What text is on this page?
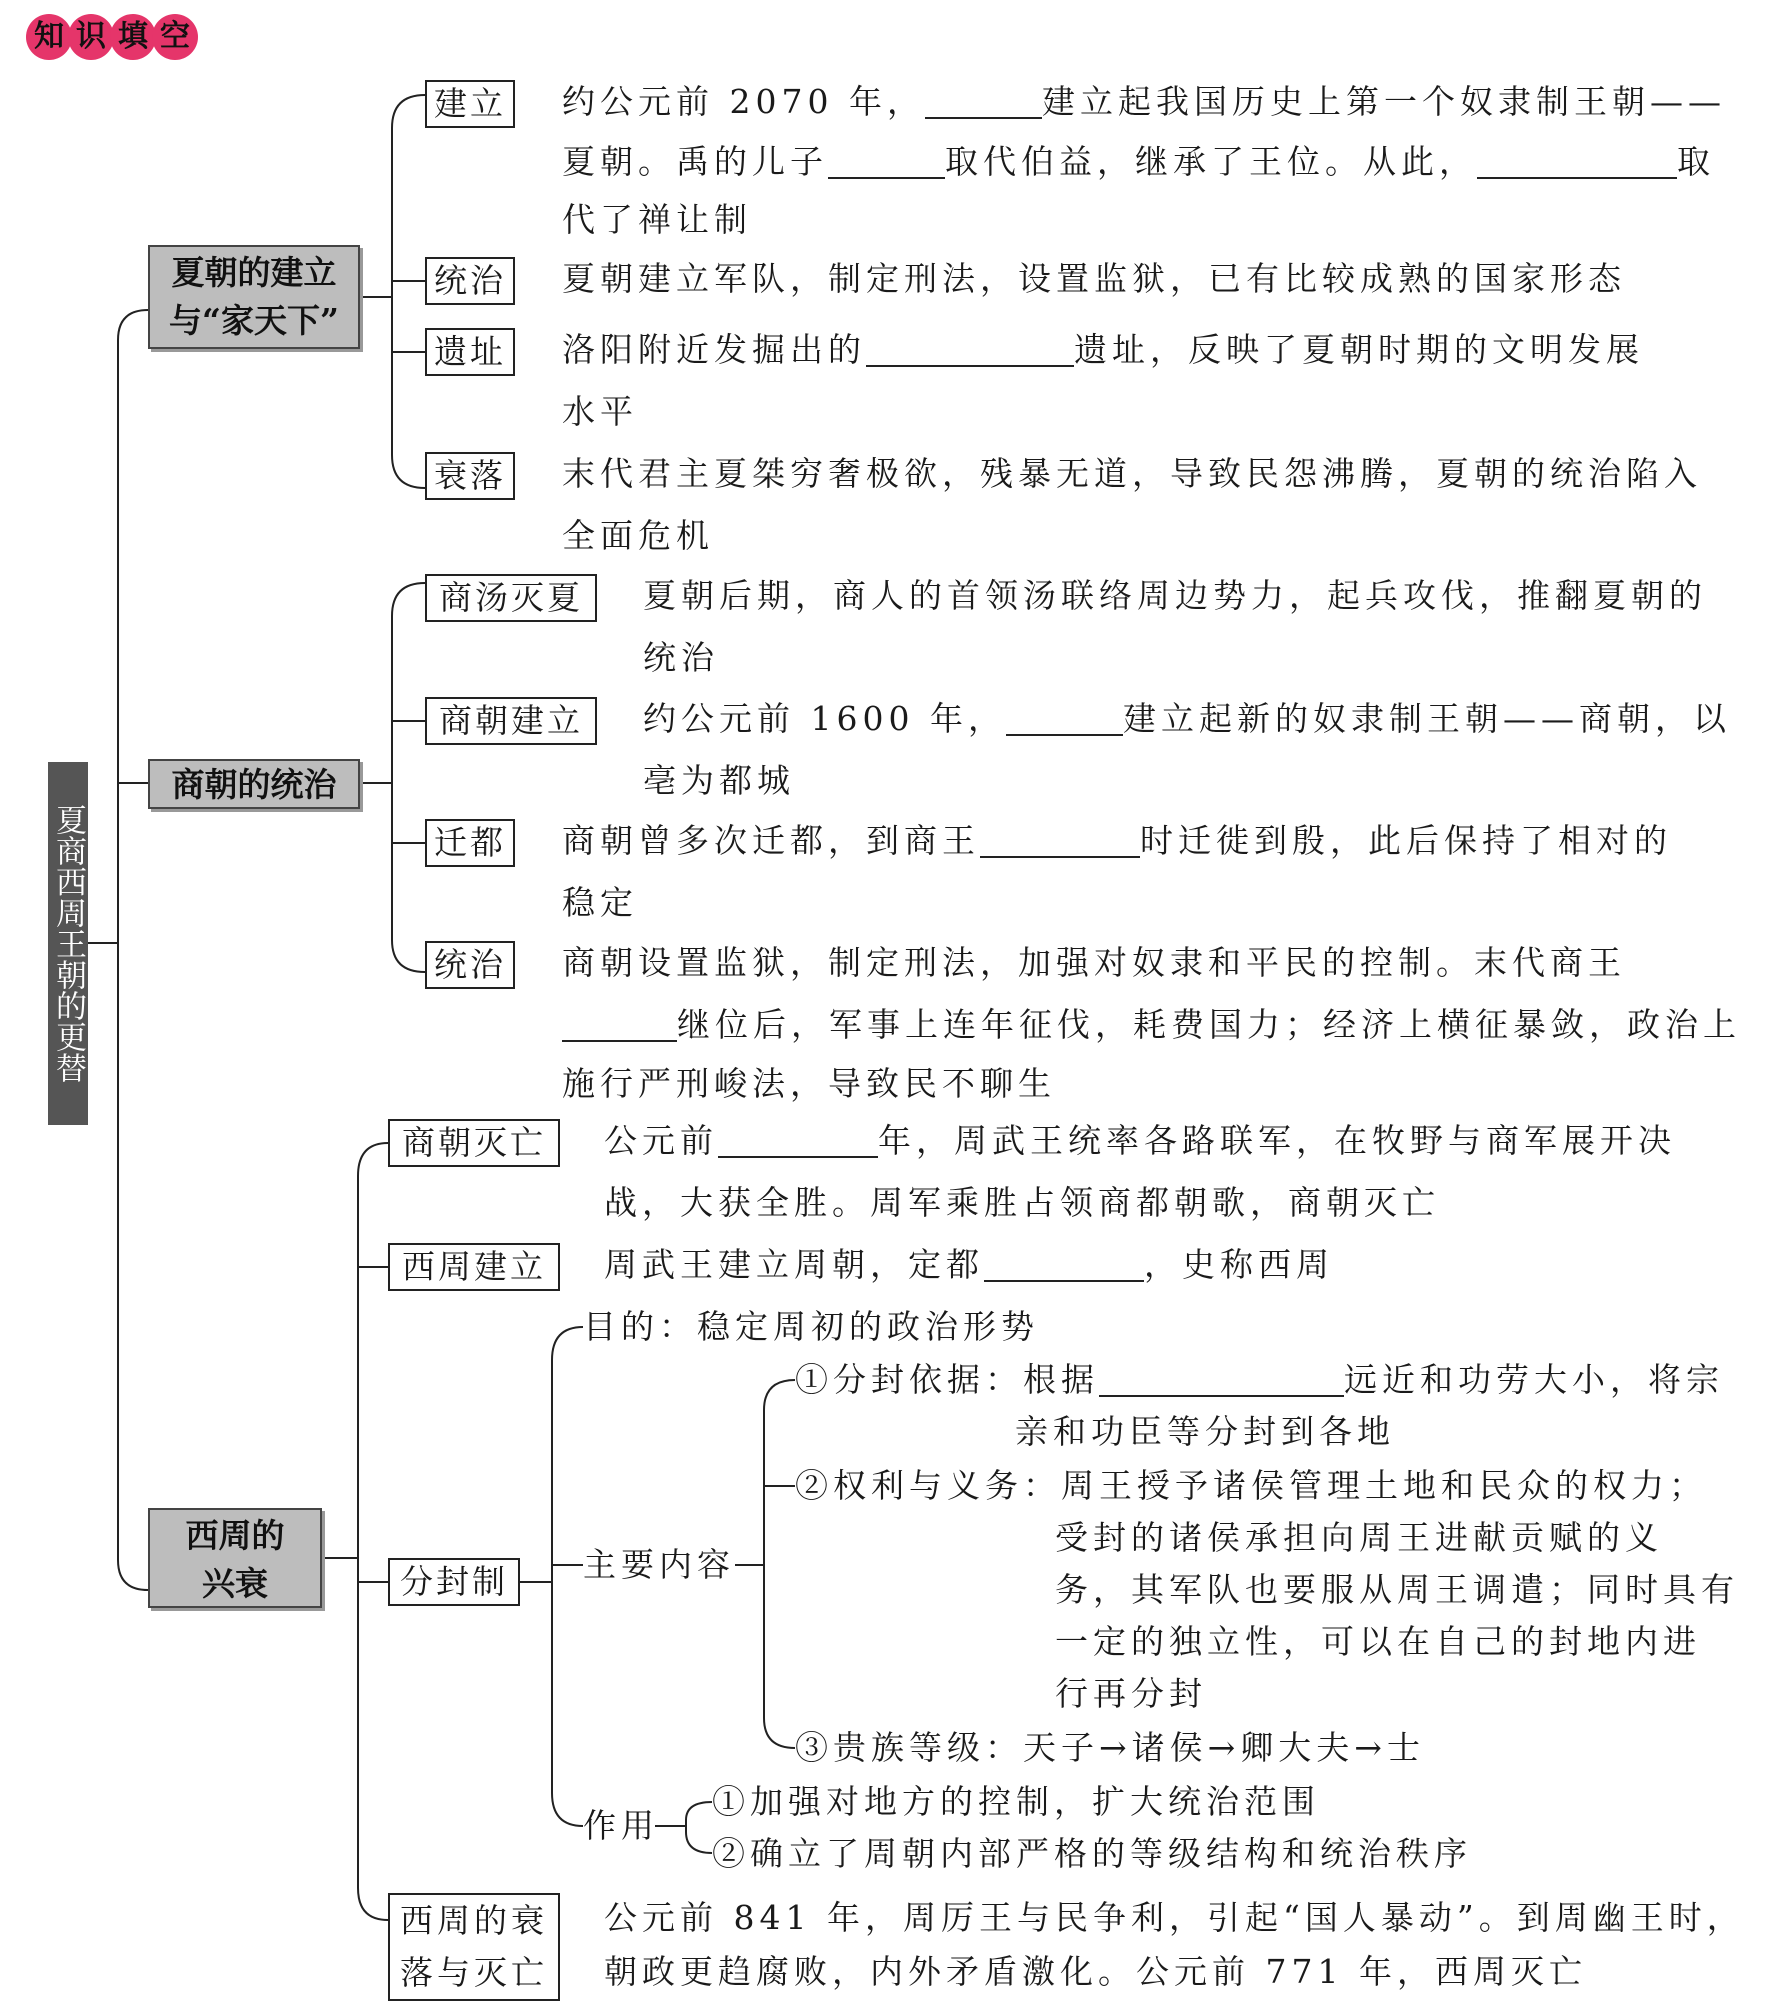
知 识 填 空
夏商西周王朝的更替
夏朝的建立
与“家天下”
建立 约公元前 2070 年，	建立起我国历史上第一个奴隶制王朝——
夏朝。禹的儿子	取代伯益，继承了王位。从此，	取
代了禅让制
统治 夏朝建立军队，制定刑法，设置监狱，已有比较成熟的国家形态
遗址 洛阳附近发掘出的	遗址，反映了夏朝时期的文明发展
水平
衰落 末代君主夏桀穷奢极欲，残暴无道，导致民怨沸腾，夏朝的统治陷入
全面危机
商朝的统治
商汤灭夏	夏朝后期，商人的首领汤联络周边势力，起兵攻伐，推翻夏朝的
统治
商朝建立	约公元前 1600 年，	建立起新的奴隶制王朝——商朝，以
亳为都城
迁都 商朝曾多次迁都，到商王	时迁徙到殷，此后保持了相对的
稳定
统治 商朝设置监狱，制定刑法，加强对奴隶和平民的控制。末代商王
继位后，军事上连年征伐，耗费国力；经济上横征暴敛，政治上
施行严刑峻法，导致民不聊生
西周的
兴衰
商朝灭亡	公元前	年，周武王统率各路联军，在牧野与商军展开决
战，大获全胜。周军乘胜占领商都朝歌，商朝灭亡
西周建立	周武王建立周朝，定都	，史称西周
分封制
目的：稳定周初的政治形势
主要内容
①分封依据：根据	远近和功劳大小，将宗
亲和功臣等分封到各地
②权利与义务：周王授予诸侯管理土地和民众的权力；
受封的诸侯承担向周王进献贡赋的义
务，其军队也要服从周王调遣；同时具有
一定的独立性，可以在自己的封地内进
行再分封
③贵族等级：天子→诸侯→卿大夫→士
作用
①加强对地方的控制，扩大统治范围
②确立了周朝内部严格的等级结构和统治秩序
西周的衰
落与灭亡
公元前 841 年，周厉王与民争利，引起“国人暴动”。到周幽王时，
朝政更趋腐败，内外矛盾激化。公元前 771 年，西周灭亡
